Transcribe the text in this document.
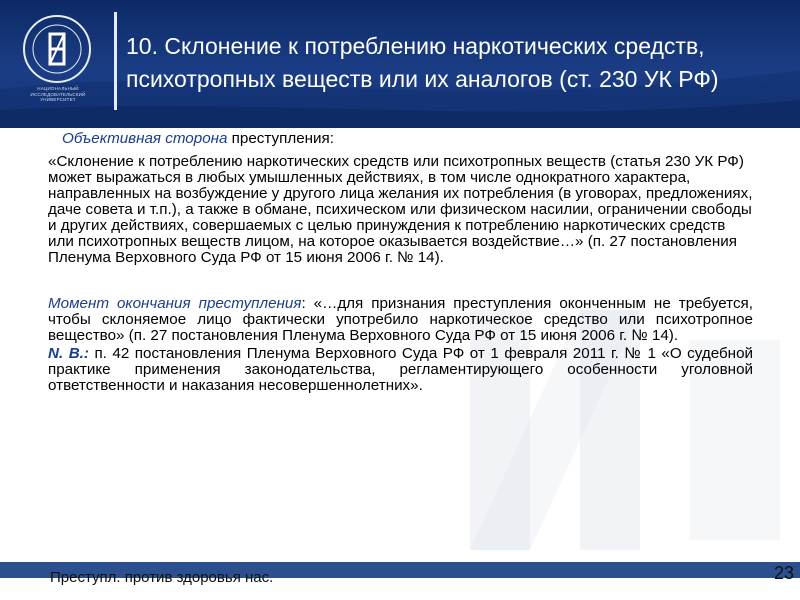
НАЦИОНАЛЬНЫЙ ИССЛЕДОВАТЕЛЬСКИЙ УНИВЕРСИТЕТ
10. Склонение к потреблению наркотических средств, психотропных веществ или их аналогов (ст. 230 УК РФ)

Объективная сторона преступления:

«Склонение к потреблению наркотических средств или психотропных веществ (статья 230 УК РФ) может выражаться в любых умышленных действиях, в том числе однократного характера, направленных на возбуждение у другого лица желания их потребления (в уговорах, предложениях, даче совета и т.п.), а также в обмане, психическом или физическом насилии, ограничении свободы и других действиях, совершаемых с целью принуждения к потреблению наркотических средств или психотропных веществ лицом, на которое оказывается воздействие…» (п. 27 постановления Пленума Верховного Суда РФ от 15 июня 2006 г. № 14).

Момент окончания преступления: «…для признания преступления оконченным не требуется, чтобы склоняемое лицо фактически употребило наркотическое средство или психотропное вещество» (п. 27 постановления Пленума Верховного Суда РФ от 15 июня 2006 г. № 14).

N. B.: п. 42 постановления Пленума Верховного Суда РФ от 1 февраля 2011 г. № 1 «О судебной практике применения законодательства, регламентирующего особенности уголовной ответственности и наказания несовершеннолетних».

Преступл. против здоровья нас.	23
